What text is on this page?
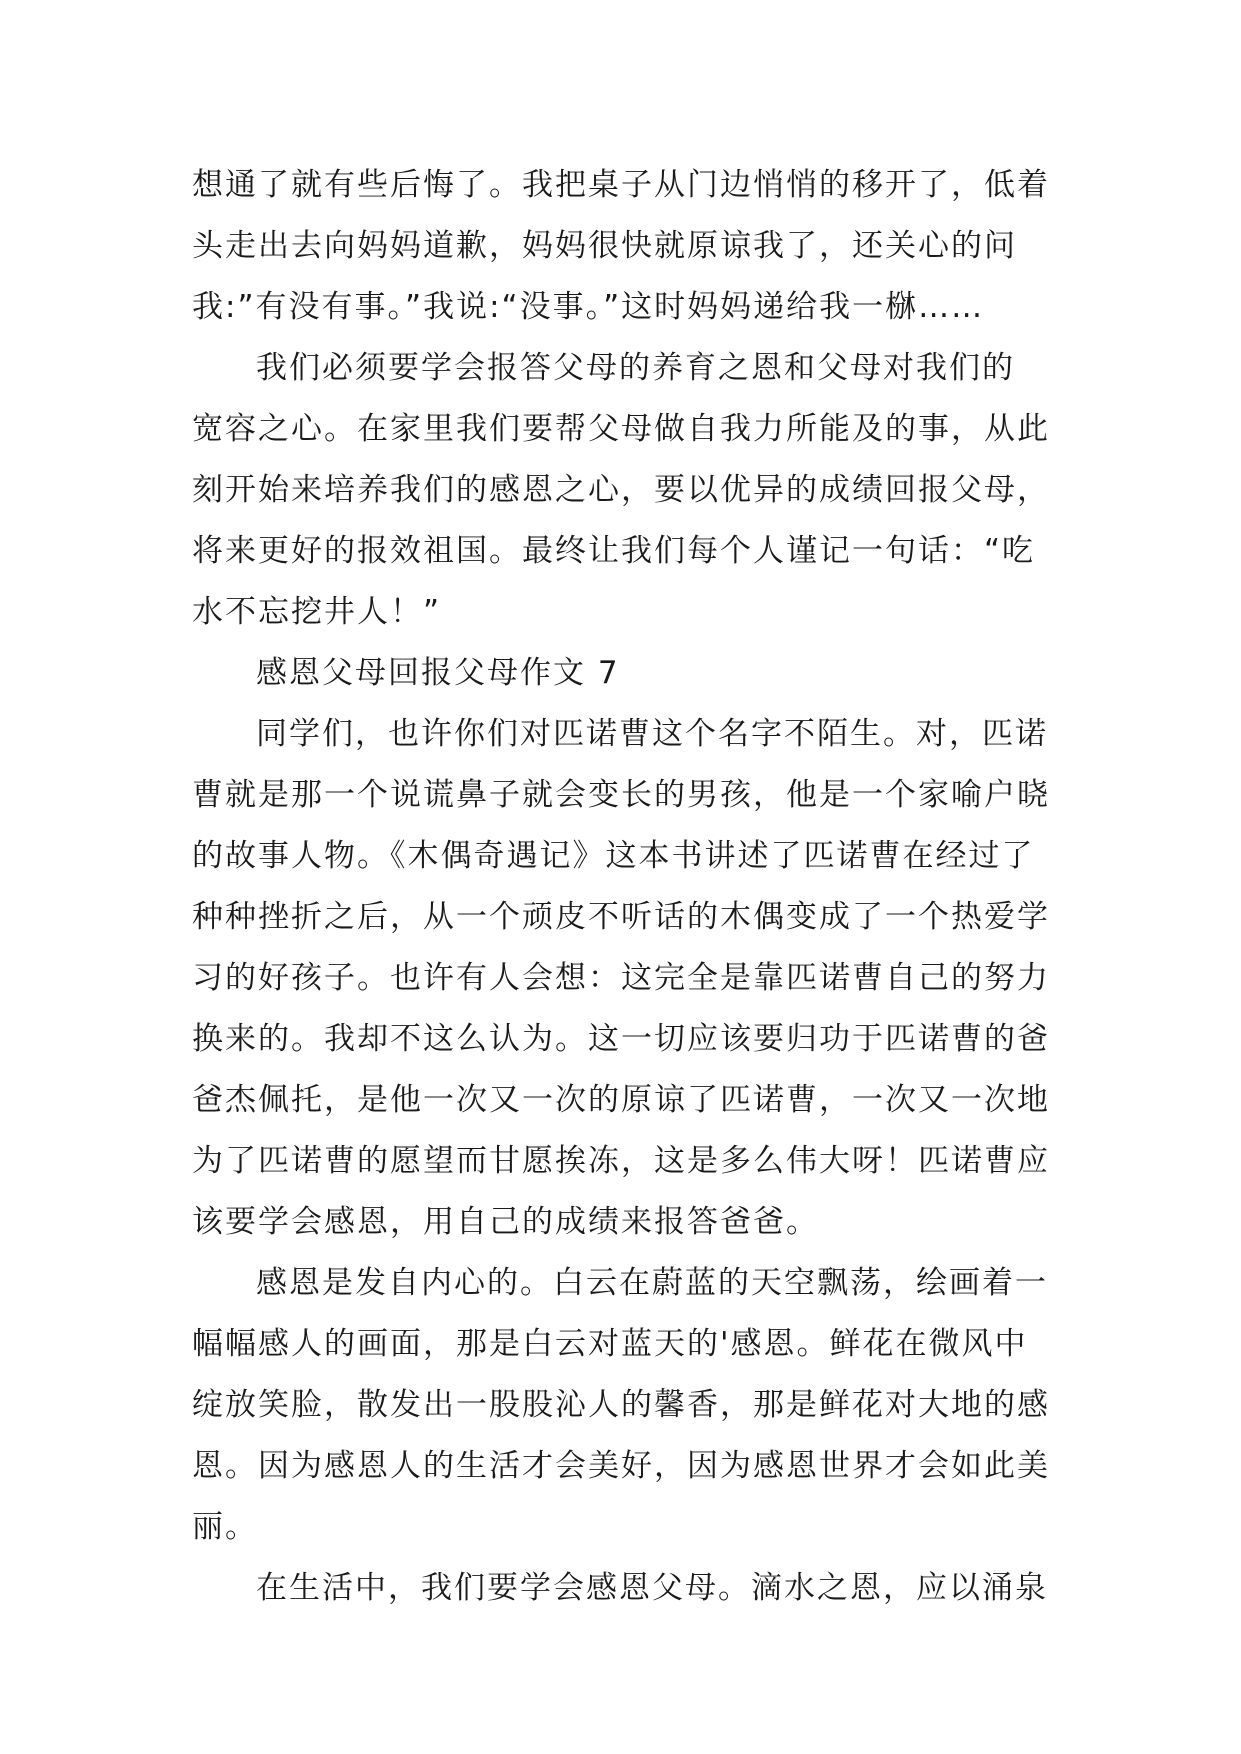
想通了就有些后悔了。我把桌子从门边悄悄的移开了，低着
头走出去向妈妈道歉，妈妈很快就原谅我了，还关心的问
我:”有没有事。”我说:“没事。”这时妈妈递给我一椕……
我们必须要学会报答父母的养育之恩和父母对我们的
宽容之心。在家里我们要帮父母做自我力所能及的事，从此
刻开始来培养我们的感恩之心，要以优异的成绩回报父母，
将来更好的报效祖国。最终让我们每个人谨记一句话：“吃
水不忘挖井人！”
感恩父母回报父母作文 7
同学们，也许你们对匹诺曹这个名字不陌生。对，匹诺
曹就是那一个说谎鼻子就会变长的男孩，他是一个家喻户晓
的故事人物。《木偶奇遇记》这本书讲述了匹诺曹在经过了
种种挫折之后，从一个顽皮不听话的木偶变成了一个热爱学
习的好孩子。也许有人会想：这完全是靠匹诺曹自己的努力
换来的。我却不这么认为。这一切应该要归功于匹诺曹的爸
爸杰佩托，是他一次又一次的原谅了匹诺曹，一次又一次地
为了匹诺曹的愿望而甘愿挨冻，这是多么伟大呀！匹诺曹应
该要学会感恩，用自己的成绩来报答爸爸。
感恩是发自内心的。白云在蔚蓝的天空飘荡，绘画着一
幅幅感人的画面，那是白云对蓝天的'感恩。鲜花在微风中
绽放笑脸，散发出一股股沁人的馨香，那是鲜花对大地的感
恩。因为感恩人的生活才会美好，因为感恩世界才会如此美
丽。
在生活中，我们要学会感恩父母。滴水之恩，应以涌泉
